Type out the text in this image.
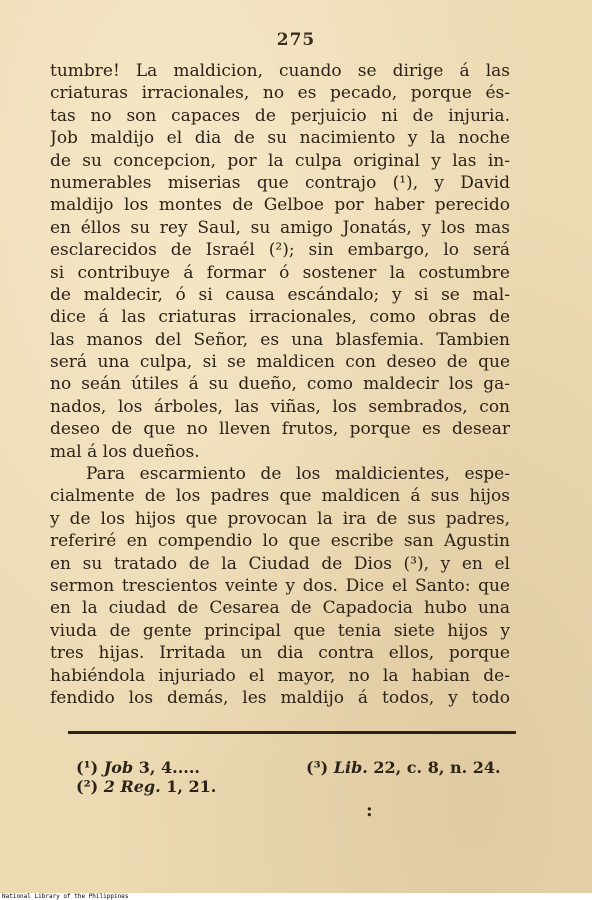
275
tumbre! La maldicion, cuando se dirige á las
criaturas irracionales, no es pecado, porque és-
tas no son capaces de perjuicio ni de injuria.
Job maldijo el dia de su nacimiento y la noche
de su concepcion, por la culpa original y las in-
numerables miserias que contrajo (¹), y David
maldijo los montes de Gelboe por haber perecido
en éllos su rey Saul, su amigo Jonatás, y los mas
esclarecidos de Israél (²); sin embargo, lo será
si contribuye á formar ó sostener la costumbre
de maldecir, ó si causa escándalo; y si se mal-
dice á las criaturas irracionales, como obras de
las manos del Señor, es una blasfemia. Tambien
será una culpa, si se maldicen con deseo de que
no seán útiles á su dueño, como maldecir los ga-
nados, los árboles, las viñas, los sembrados, con
deseo de que no lleven frutos, porque es desear
mal á los dueños.
Para escarmiento de los maldicientes, espe-
cialmente de los padres que maldicen á sus hijos
y de los hijos que provocan la ira de sus padres,
referiré en compendio lo que escribe san Agustin
en su tratado de la Ciudad de Dios (³), y en el
sermon trescientos veinte y dos. Dice el Santo: que
en la ciudad de Cesarea de Capadocia hubo una
viuda de gente principal que tenia siete hijos y
tres hijas. Irritada un dia contra ellos, porque
habiéndola injuriado el mayor, no la habian de-
fendido los demás, les maldijo á todos, y todo
(¹) Job 3, 4.....
(²) 2 Reg. 1, 21.
(³) Lib. 22, c. 8, n. 24.
:
National Library of the Philippines
